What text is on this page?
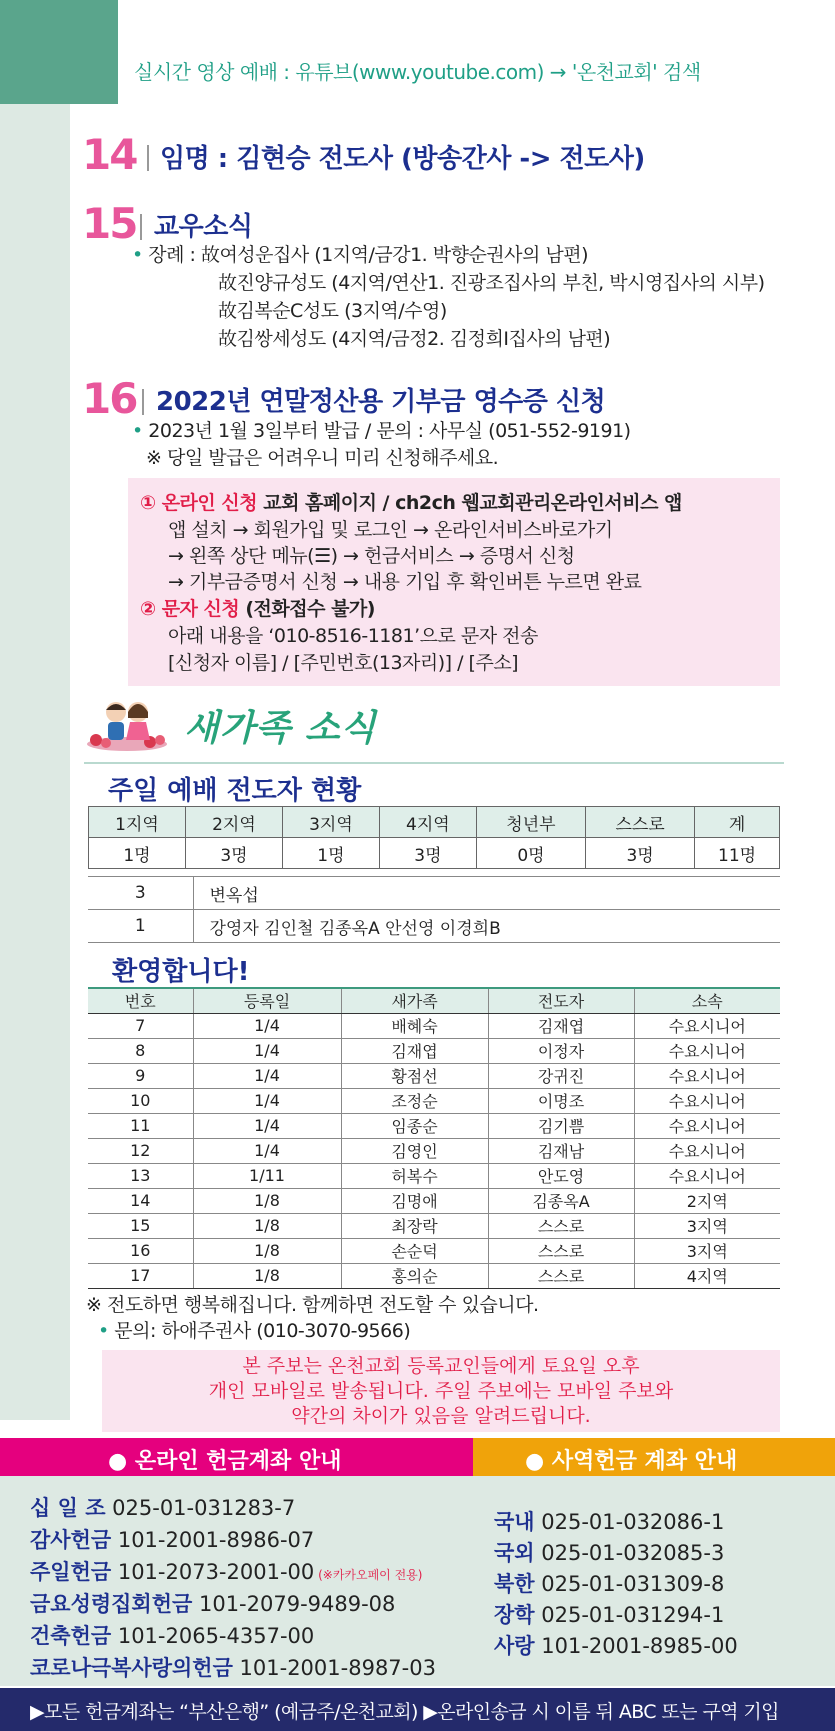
실시간 영상 예배 : 유튜브(www.youtube.com) → '온천교회' 검색
14 임명 : 김현승 전도사 (방송간사 -> 전도사)
15 교우소식
• 장례 : 故여성운집사 (1지역/금강1. 박향순권사의 남편)
故진양규성도 (4지역/연산1. 진광조집사의 부친, 박시영집사의 시부)
故김복순C성도 (3지역/수영)
故김쌍세성도 (4지역/금정2. 김정희I집사의 남편)
16 2022년 연말정산용 기부금 영수증 신청
• 2023년 1월 3일부터 발급 / 문의 : 사무실 (051-552-9191)
※ 당일 발급은 어려우니 미리 신청해주세요.
① 온라인 신청 교회 홈페이지 / ch2ch 웹교회관리온라인서비스 앱
앱 설치 → 회원가입 및 로그인 → 온라인서비스바로가기
→ 왼쪽 상단 메뉴(☰) → 헌금서비스 → 증명서 신청
→ 기부금증명서 신청 → 내용 기입 후 확인버튼 누르면 완료
② 문자 신청 (전화접수 불가)
아래 내용을 ‘010-8516-1181’으로 문자 전송
[신청자 이름] / [주민번호(13자리)] / [주소]
새가족 소식
주일 예배 전도자 현황
1지역	2지역	3지역	4지역	청년부	스스로	계
1명	3명	1명	3명	0명	3명	11명
3	변옥섭
1	강영자 김인철 김종옥A 안선영 이경희B
환영합니다!
번호	등록일	새가족	전도자	소속
7	1/4	배혜숙	김재엽	수요시니어
8	1/4	김재엽	이정자	수요시니어
9	1/4	황점선	강귀진	수요시니어
10	1/4	조정순	이명조	수요시니어
11	1/4	임종순	김기쁨	수요시니어
12	1/4	김영인	김재남	수요시니어
13	1/11	허복수	안도영	수요시니어
14	1/8	김명애	김종옥A	2지역
15	1/8	최장락	스스로	3지역
16	1/8	손순덕	스스로	3지역
17	1/8	홍의순	스스로	4지역
※ 전도하면 행복해집니다. 함께하면 전도할 수 있습니다.
• 문의: 하애주권사 (010-3070-9566)
본 주보는 온천교회 등록교인들에게 토요일 오후
개인 모바일로 발송됩니다. 주일 주보에는 모바일 주보와
약간의 차이가 있음을 알려드립니다.
● 온라인 헌금계좌 안내	● 사역헌금 계좌 안내
십 일 조 025-01-031283-7
감사헌금 101-2001-8986-07
주일헌금 101-2073-2001-00 (※카카오페이 전용)
금요성령집회헌금 101-2079-9489-08
건축헌금 101-2065-4357-00
코로나극복사랑의헌금 101-2001-8987-03
국내 025-01-032086-1
국외 025-01-032085-3
북한 025-01-031309-8
장학 025-01-031294-1
사랑 101-2001-8985-00
▶모든 헌금계좌는 “부산은행” (예금주/온천교회) ▶온라인송금 시 이름 뒤 ABC 또는 구역 기입
